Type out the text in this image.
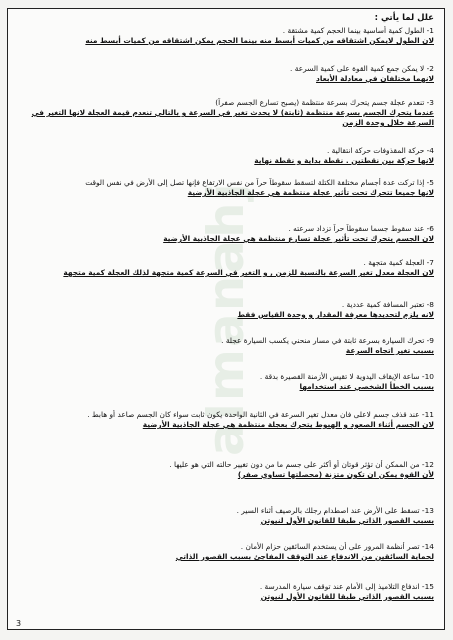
almanahj
علل لما يأتي :
1- الطول كمية أساسية بينما الحجم كمية مشتقة .
لان الطول لايمكن اشتقاقه من كميات أبسط منه بينما الحجم يمكن اشتقاقه من كميات أبسط منه
2- لا يمكن جمع كمية القوة على كمية السرعة .
لانهما مختلفان في معادلة الأبعاد
3- تنعدم عجلة جسم يتحرك بسرعة منتظمة (يصبح تسارع الجسم صفراً)
عندما يتحرك الجسم بسرعة منتظمة (ثابتة) لا يحدث تغير في السرعة و بالتالي تنعدم قيمة العجلة لانها التغير في السرعة خلال وحدة الزمن
4- حركة المقذوفات حركة انتقالية .
لانها حركة بين نقطتين . نقطة بداية و نقطة نهاية
5- إذا تركت عدة أجسام مختلفة الكتلة لتسقط سقوطاً حراً من نفس الارتفاع فإنها تصل إلى الأرض في نفس الوقت
لانها جميعا تتحرك تحت تأثير عجلة منتظمة هي عجلة الجاذبية الأرضية
6- عند سقوط جسما سقوطاً حراً تزداد سرعته .
لان الجسم يتحرك تحت تأثير عجلة تسارع منتظمة هي عجلة الجاذبية الأرضية
7- العجلة كمية متجهة .
لان العجلة معدل تغير السرعة بالنسبة للزمن , و التغير في السرعة كمية متجهة لذلك العجلة كمية متجهة
8- تعتبر المسافة كمية عددية .
لانه يلزم لتحديدها معرفة المقدار و وحدة القياس فقط
9- تحرك السيارة بسرعة ثابتة في مسار منحني يكسب السيارة عجلة .
بسبب تغير اتجاه السرعة
10- ساعة الإيقاف اليدوية لا تقيس الأزمنة القصيرة بدقة .
بسبب الخطأ الشخصي عند استخدامها
11- عند قذف جسم لاعلى فان معدل تغير السرعة في الثانية الواحدة يكون ثابت سواء كان الجسم صاعد أو هابط .
لان الجسم أثناء الصعود و الهبوط يتحرك بعجلة منتظمة هي عجلة الجاذبية الأرضية
12- من الممكن أن تؤثر قوتان أو أكثر على جسم ما من دون تغيير حالته التي هو عليها .
لأن القوة يمكن ان تكون متزنة (محصلتها تساوي صفر)
13- تسقط على الأرض عند اصطدام رجلك بالرصيف أثناء السير .
بسبب القصور الذاتي طبقا للقانون الأول لنيوتن
14- تصر أنظمة المرور على أن يستخدم السائقين حزام الأمان .
لحماية السائقين من الاندفاع عند التوقف المفاجئ بسبب القصور الذاتي
15- اندفاع التلاميذ إلى الأمام عند توقف سيارة المدرسة .
بسبب القصور الذاتي طبقا للقانون الأول لنيوتن
3
